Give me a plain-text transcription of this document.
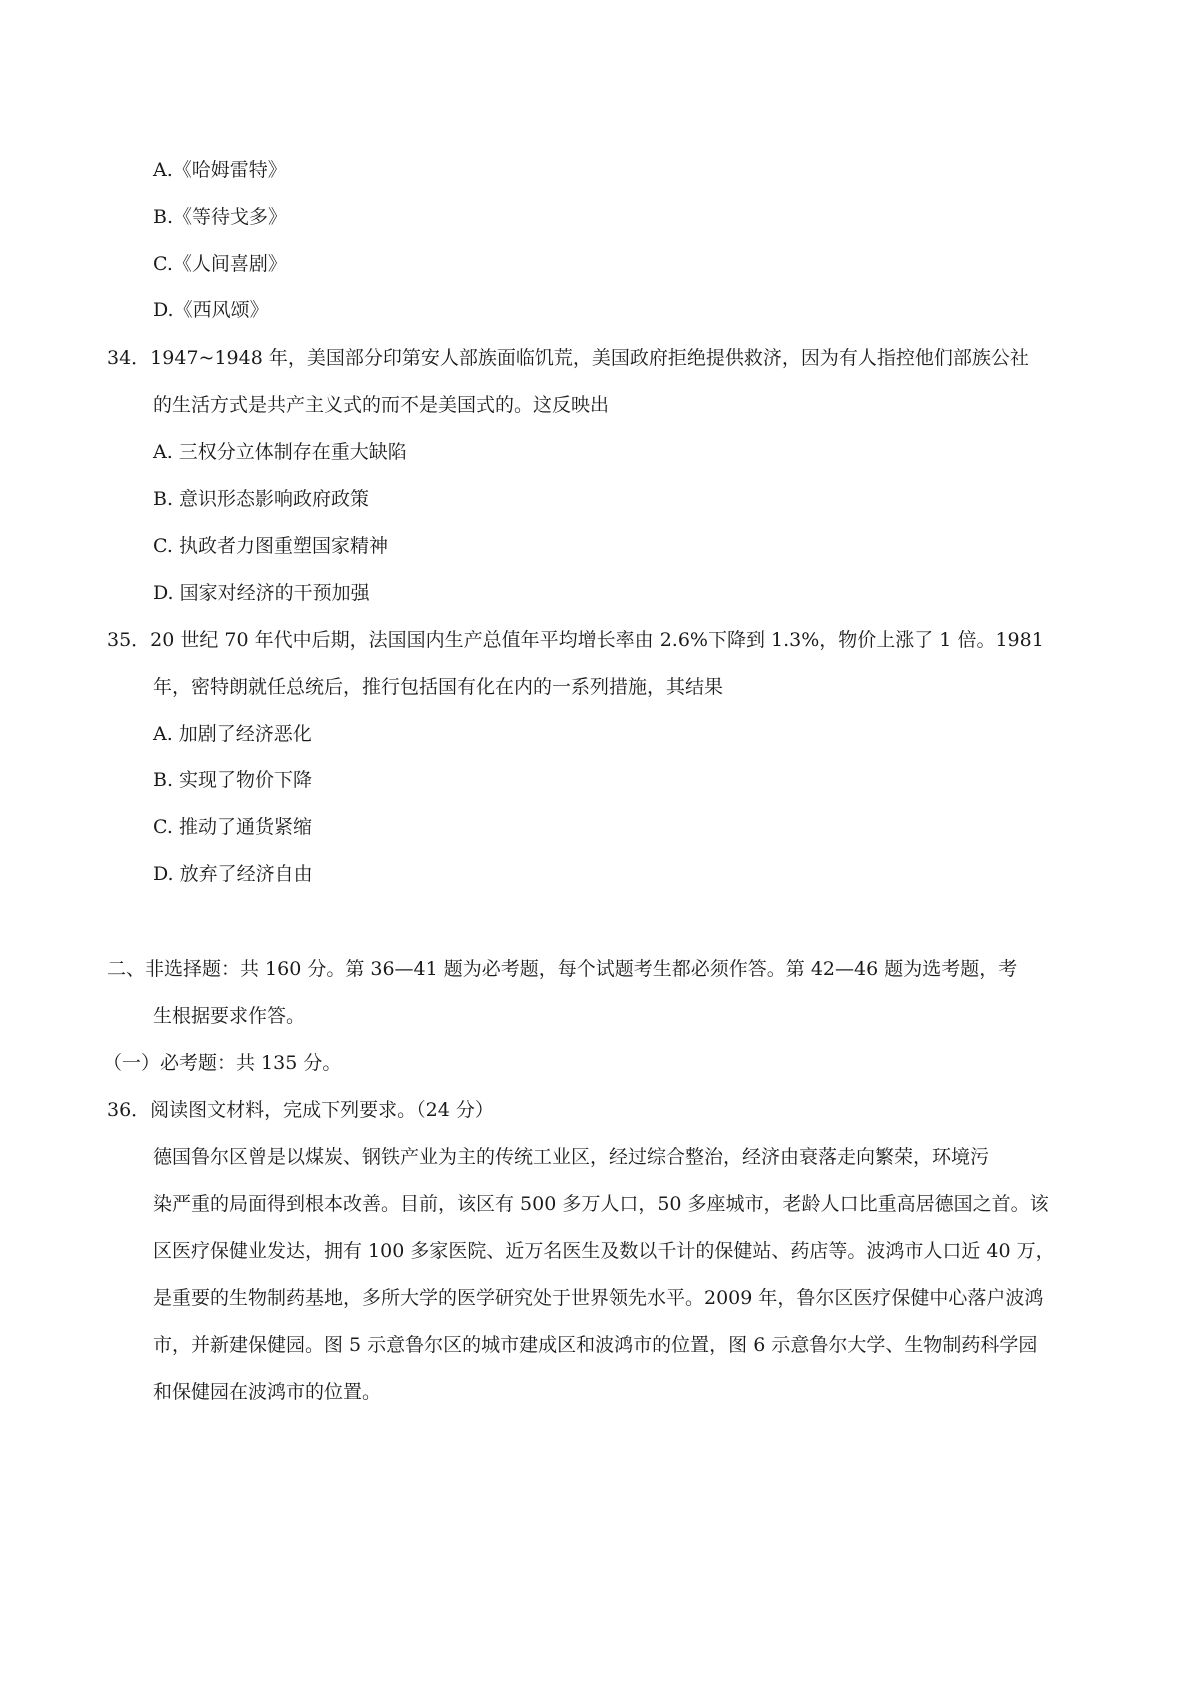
A.《哈姆雷特》
B.《等待戈多》
C.《人间喜剧》
D.《西风颂》
34．1947~1948 年，美国部分印第安人部族面临饥荒，美国政府拒绝提供救济，因为有人指控他们部族公社
的生活方式是共产主义式的而不是美国式的。这反映出
A. 三权分立体制存在重大缺陷
B. 意识形态影响政府政策
C. 执政者力图重塑国家精神
D. 国家对经济的干预加强
35．20 世纪 70 年代中后期，法国国内生产总值年平均增长率由 2.6%下降到 1.3%，物价上涨了 1 倍。1981
年，密特朗就任总统后，推行包括国有化在内的一系列措施，其结果
A. 加剧了经济恶化
B. 实现了物价下降
C. 推动了通货紧缩
D. 放弃了经济自由
二、非选择题：共 160 分。第 36—41 题为必考题，每个试题考生都必须作答。第 42—46 题为选考题，考
生根据要求作答。
（一）必考题：共 135 分。
36．阅读图文材料，完成下列要求。（24 分）
德国鲁尔区曾是以煤炭、钢铁产业为主的传统工业区，经过综合整治，经济由衰落走向繁荣，环境污
染严重的局面得到根本改善。目前，该区有 500 多万人口，50 多座城市，老龄人口比重高居德国之首。该
区医疗保健业发达，拥有 100 多家医院、近万名医生及数以千计的保健站、药店等。波鸿市人口近 40 万，
是重要的生物制药基地，多所大学的医学研究处于世界领先水平。2009 年，鲁尔区医疗保健中心落户波鸿
市，并新建保健园。图 5 示意鲁尔区的城市建成区和波鸿市的位置，图 6 示意鲁尔大学、生物制药科学园
和保健园在波鸿市的位置。
